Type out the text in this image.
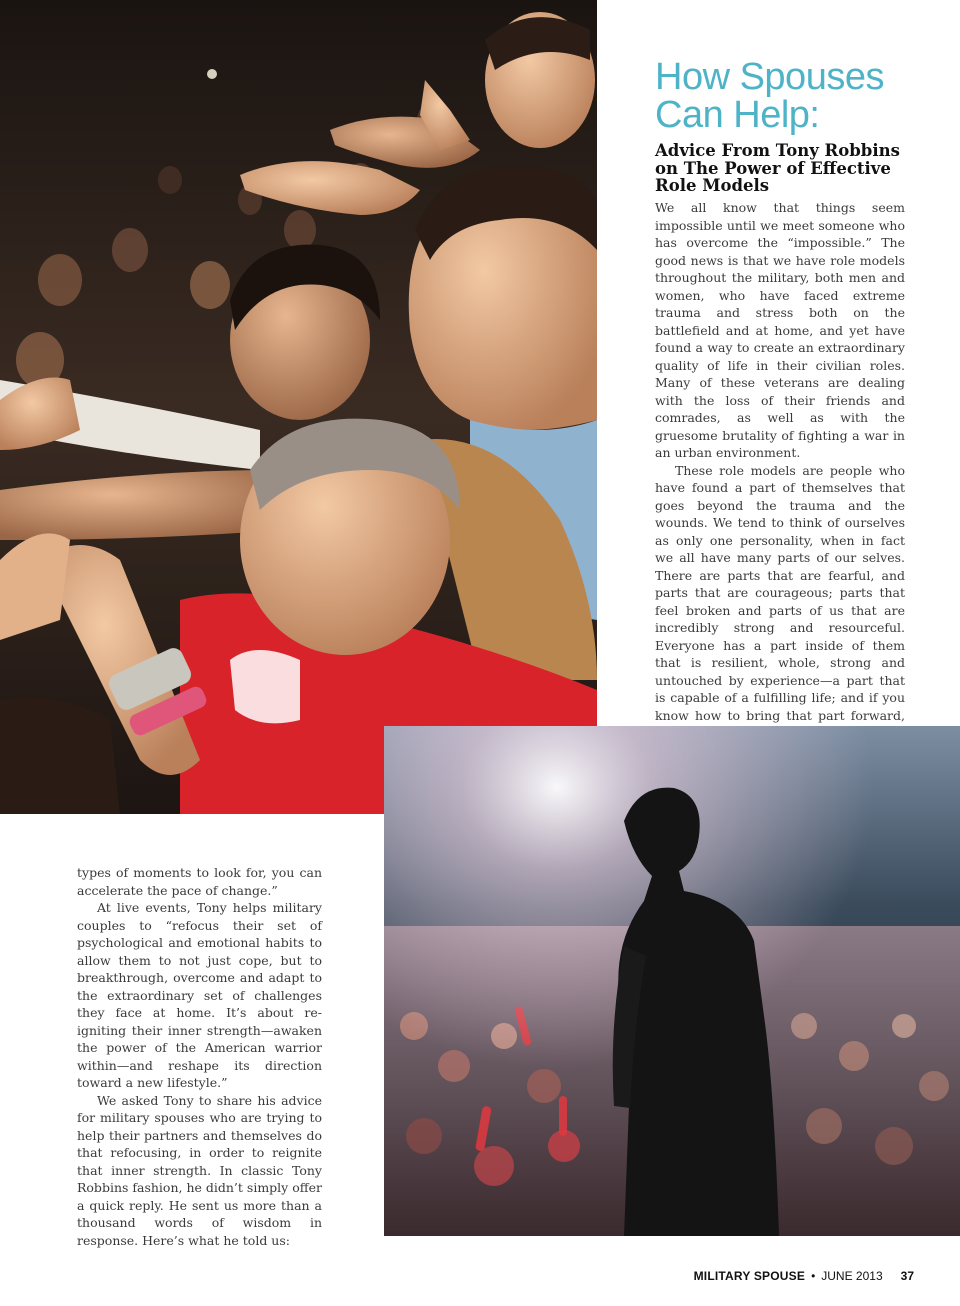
How Spouses
Can Help:
Advice From Tony Robbins
on The Power of Effective
Role Models

We all know that things seem impossible until we meet someone who has overcome the “impossible.” The good news is that we have role models throughout the military, both men and women, who have faced extreme trauma and stress both on the battlefield and at home, and yet have found a way to create an extraordinary quality of life in their civilian roles. Many of these veterans are dealing with the loss of their friends and comrades, as well as with the gruesome brutality of fighting a war in an urban environment.

These role models are people who have found a part of themselves that goes beyond the trauma and the wounds. We tend to think of ourselves as only one personality, when in fact we all have many parts of our selves. There are parts that are fearful, and parts that are courageous; parts that feel broken and parts of us that are incredibly strong and resourceful. Everyone has a part inside of them that is resilient, whole, strong and untouched by experience—a part that is capable of a fulfilling life; and if you know how to bring that part forward,

types of moments to look for, you can accelerate the pace of change.”

At live events, Tony helps military couples to “refocus their set of psychological and emotional habits to allow them to not just cope, but to breakthrough, overcome and adapt to the extraordinary set of challenges they face at home. It’s about re-igniting their inner strength—awaken the power of the American warrior within—and reshape its direction toward a new lifestyle.”

We asked Tony to share his advice for military spouses who are trying to help their partners and themselves do that refocusing, in order to reignite that inner strength. In classic Tony Robbins fashion, he didn’t simply offer a quick reply. He sent us more than a thousand words of wisdom in response. Here’s what he told us:

MILITARY SPOUSE • JUNE 2013 37
